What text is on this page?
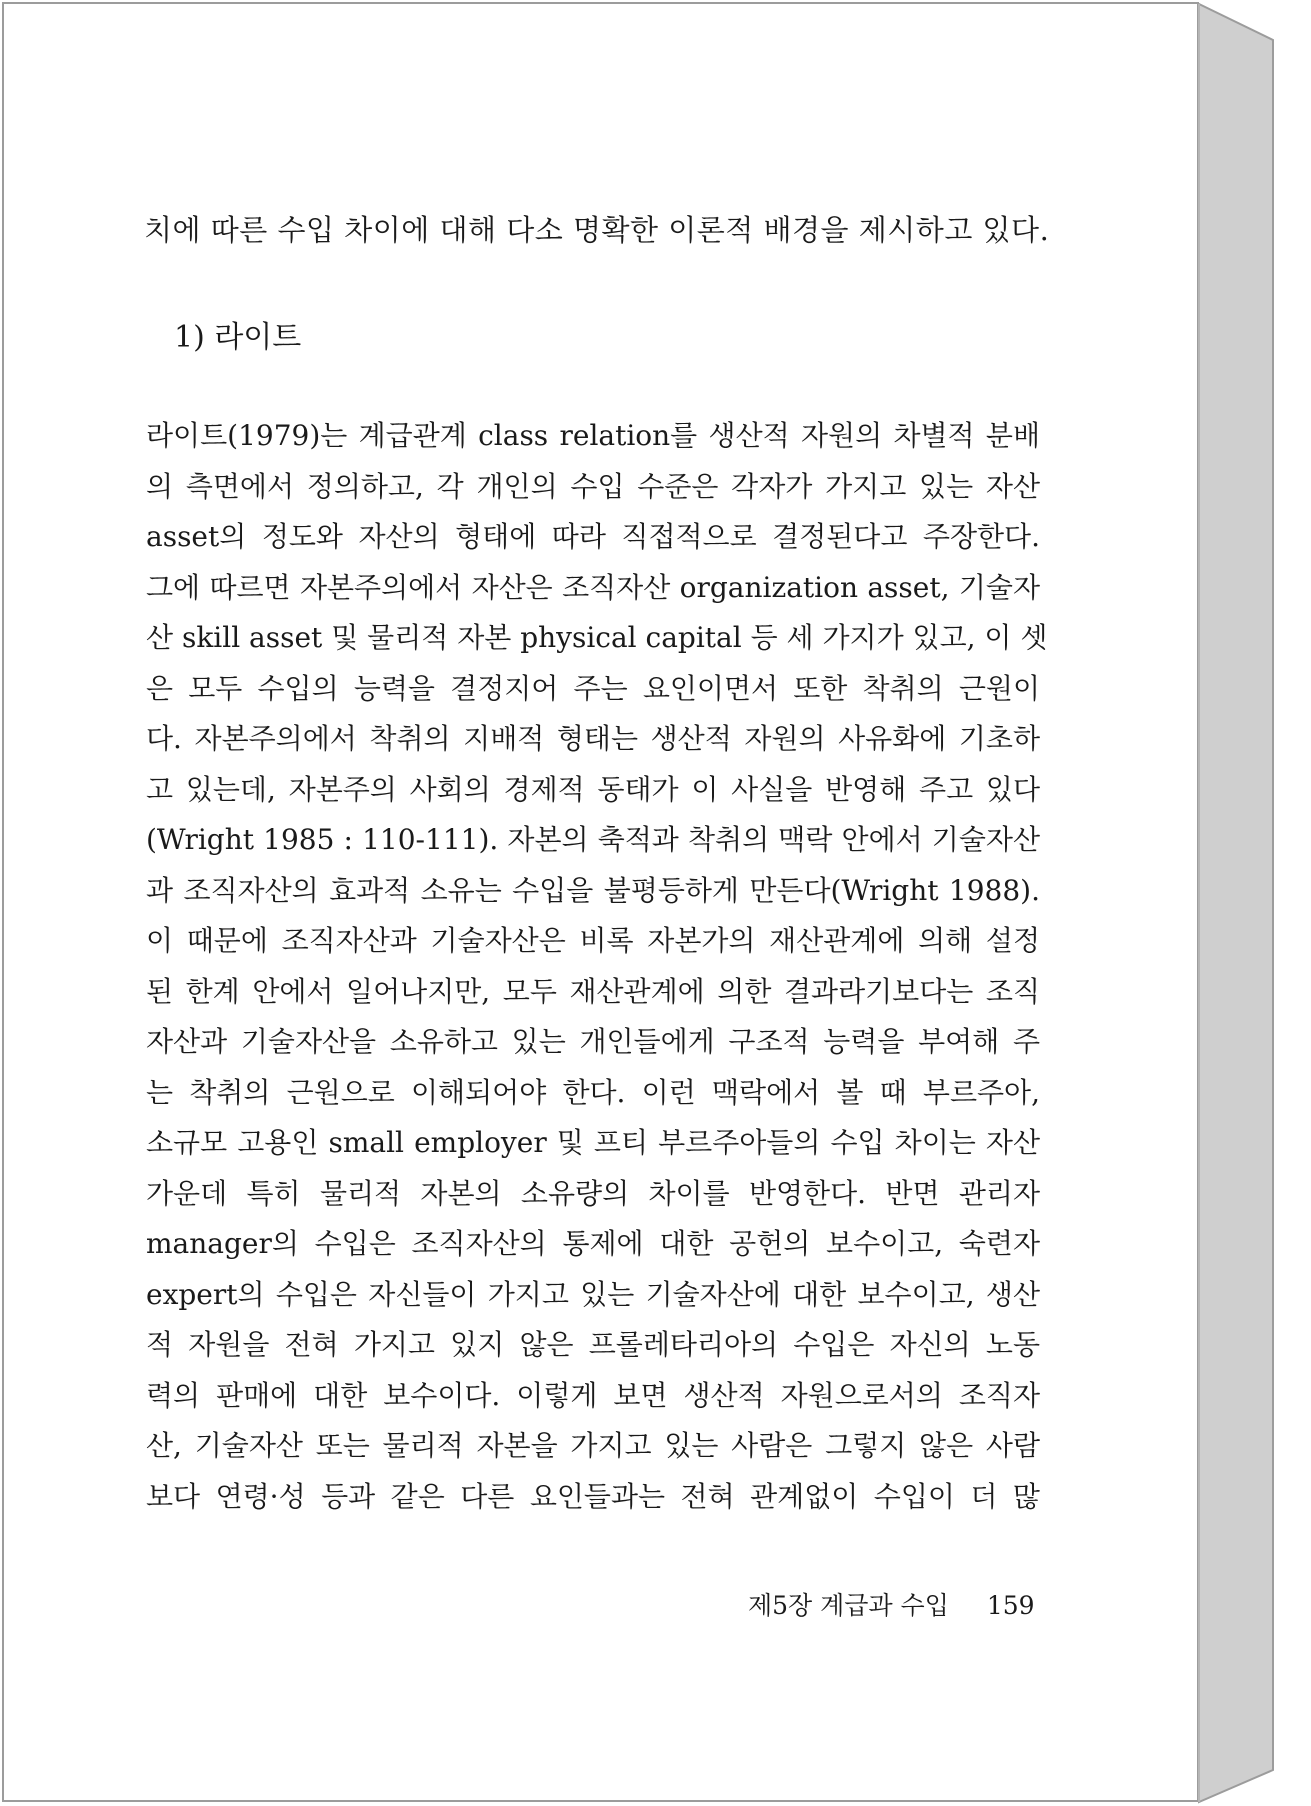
치에 따른 수입 차이에 대해 다소 명확한 이론적 배경을 제시하고 있다.
1) 라이트
라이트(1979)는 계급관계 class relation를 생산적 자원의 차별적 분배
의 측면에서 정의하고, 각 개인의 수입 수준은 각자가 가지고 있는 자산
asset의 정도와 자산의 형태에 따라 직접적으로 결정된다고 주장한다.
그에 따르면 자본주의에서 자산은 조직자산 organization asset, 기술자
산 skill asset 및 물리적 자본 physical capital 등 세 가지가 있고, 이 셋
은 모두 수입의 능력을 결정지어 주는 요인이면서 또한 착취의 근원이
다. 자본주의에서 착취의 지배적 형태는 생산적 자원의 사유화에 기초하
고 있는데, 자본주의 사회의 경제적 동태가 이 사실을 반영해 주고 있다
(Wright 1985 : 110-111). 자본의 축적과 착취의 맥락 안에서 기술자산
과 조직자산의 효과적 소유는 수입을 불평등하게 만든다(Wright 1988).
이 때문에 조직자산과 기술자산은 비록 자본가의 재산관계에 의해 설정
된 한계 안에서 일어나지만, 모두 재산관계에 의한 결과라기보다는 조직
자산과 기술자산을 소유하고 있는 개인들에게 구조적 능력을 부여해 주
는 착취의 근원으로 이해되어야 한다. 이런 맥락에서 볼 때 부르주아,
소규모 고용인 small employer 및 프티 부르주아들의 수입 차이는 자산
가운데 특히 물리적 자본의 소유량의 차이를 반영한다. 반면 관리자
manager의 수입은 조직자산의 통제에 대한 공헌의 보수이고, 숙련자
expert의 수입은 자신들이 가지고 있는 기술자산에 대한 보수이고, 생산
적 자원을 전혀 가지고 있지 않은 프롤레타리아의 수입은 자신의 노동
력의 판매에 대한 보수이다. 이렇게 보면 생산적 자원으로서의 조직자
산, 기술자산 또는 물리적 자본을 가지고 있는 사람은 그렇지 않은 사람
보다 연령·성 등과 같은 다른 요인들과는 전혀 관계없이 수입이 더 많
제5장 계급과 수입 159
